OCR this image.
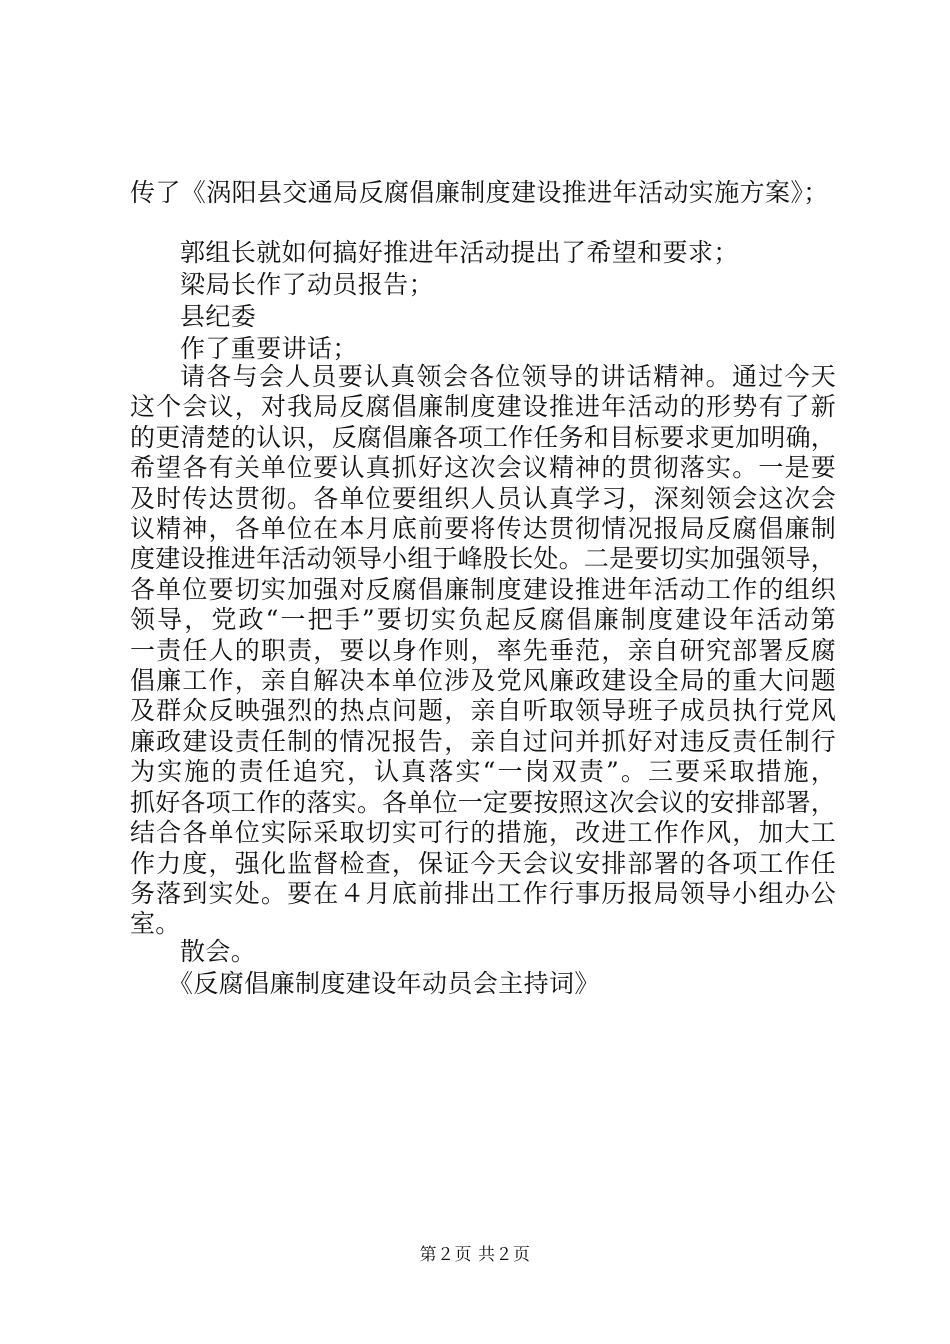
传了《涡阳县交通局反腐倡廉制度建设推进年活动实施方案》；
郭组长就如何搞好推进年活动提出了希望和要求；
梁局长作了动员报告；
县纪委
作了重要讲话；
请各与会人员要认真领会各位领导的讲话精神。通过今天
这个会议，对我局反腐倡廉制度建设推进年活动的形势有了新
的更清楚的认识，反腐倡廉各项工作任务和目标要求更加明确，
希望各有关单位要认真抓好这次会议精神的贯彻落实。一是要
及时传达贯彻。各单位要组织人员认真学习，深刻领会这次会
议精神，各单位在本月底前要将传达贯彻情况报局反腐倡廉制
度建设推进年活动领导小组于峰股长处。二是要切实加强领导，
各单位要切实加强对反腐倡廉制度建设推进年活动工作的组织
领导，党政“一把手”要切实负起反腐倡廉制度建设年活动第
一责任人的职责，要以身作则，率先垂范，亲自研究部署反腐
倡廉工作，亲自解决本单位涉及党风廉政建设全局的重大问题
及群众反映强烈的热点问题，亲自听取领导班子成员执行党风
廉政建设责任制的情况报告，亲自过问并抓好对违反责任制行
为实施的责任追究，认真落实“一岗双责”。三要采取措施，
抓好各项工作的落实。各单位一定要按照这次会议的安排部署，
结合各单位实际采取切实可行的措施，改进工作作风，加大工
作力度，强化监督检查，保证今天会议安排部署的各项工作任
务落到实处。要在４月底前排出工作行事历报局领导小组办公
室。
散会。
《反腐倡廉制度建设年动员会主持词》
第２页 共２页
